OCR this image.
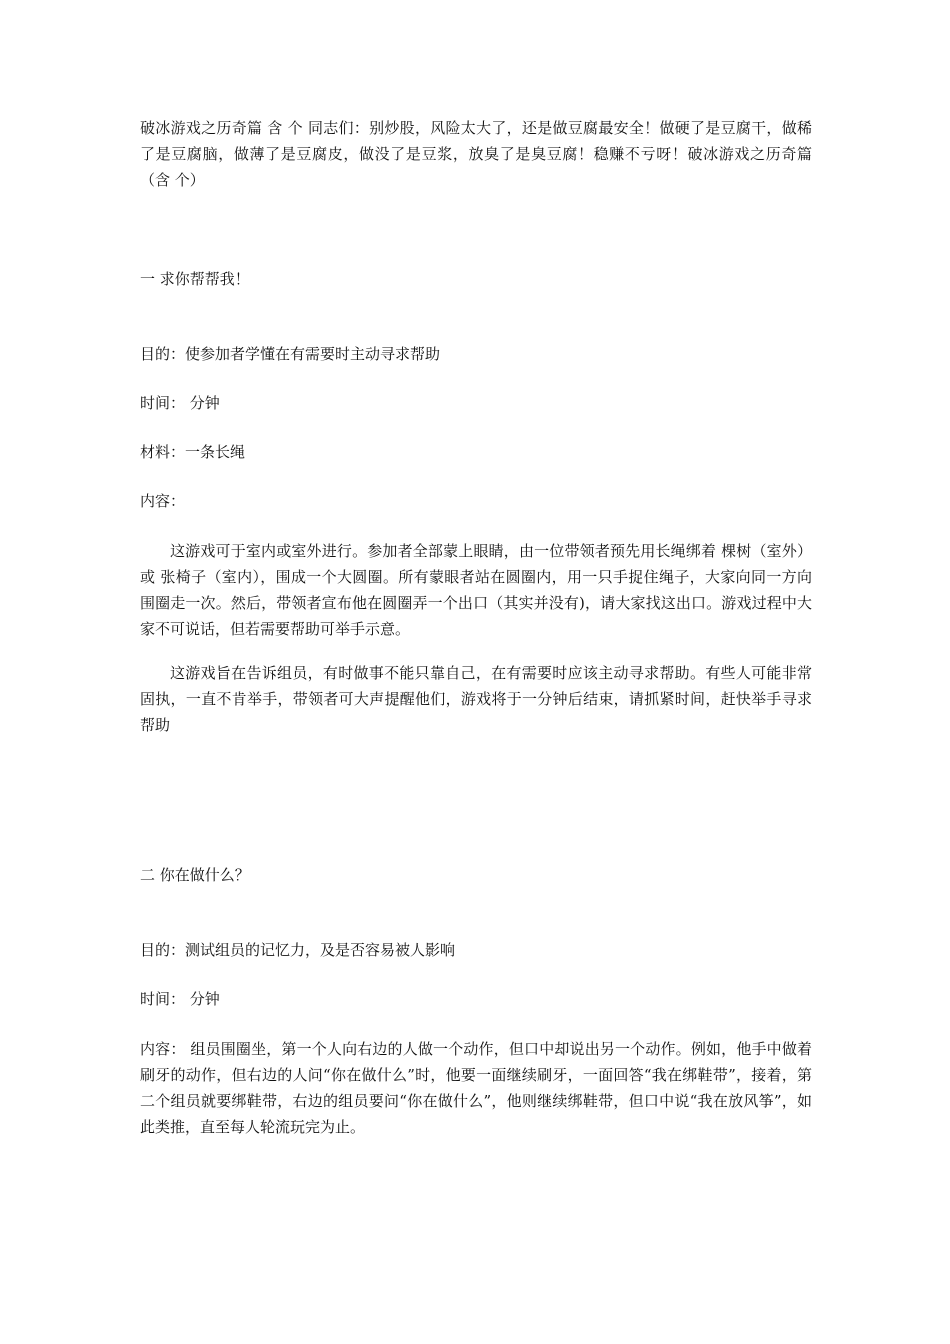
破冰游戏之历奇篇 含 个 同志们：别炒股，风险太大了，还是做豆腐最安全！做硬了是豆腐干，做稀了是豆腐脑，做薄了是豆腐皮，做没了是豆浆，放臭了是臭豆腐！稳赚不亏呀！破冰游戏之历奇篇（含 个）

一 求你帮帮我！

目的：使参加者学懂在有需要时主动寻求帮助

时间： 分钟

材料：一条长绳

内容：

这游戏可于室内或室外进行。参加者全部蒙上眼睛，由一位带领者预先用长绳绑着 棵树（室外）或 张椅子（室内），围成一个大圆圈。所有蒙眼者站在圆圈内，用一只手捉住绳子，大家向同一方向围圈走一次。然后，带领者宣布他在圆圈弄一个出口（其实并没有)，请大家找这出口。游戏过程中大家不可说话，但若需要帮助可举手示意。

这游戏旨在告诉组员，有时做事不能只靠自己，在有需要时应该主动寻求帮助。有些人可能非常固执，一直不肯举手，带领者可大声提醒他们，游戏将于一分钟后结束，请抓紧时间，赶快举手寻求帮助

二 你在做什么？

目的：测试组员的记忆力，及是否容易被人影响

时间： 分钟

内容： 组员围圈坐，第一个人向右边的人做一个动作，但口中却说出另一个动作。例如，他手中做着刷牙的动作，但右边的人问“你在做什么”时，他要一面继续刷牙，一面回答“我在绑鞋带”，接着，第二个组员就要绑鞋带，右边的组员要问“你在做什么”，他则继续绑鞋带，但口中说“我在放风筝”，如此类推，直至每人轮流玩完为止。
